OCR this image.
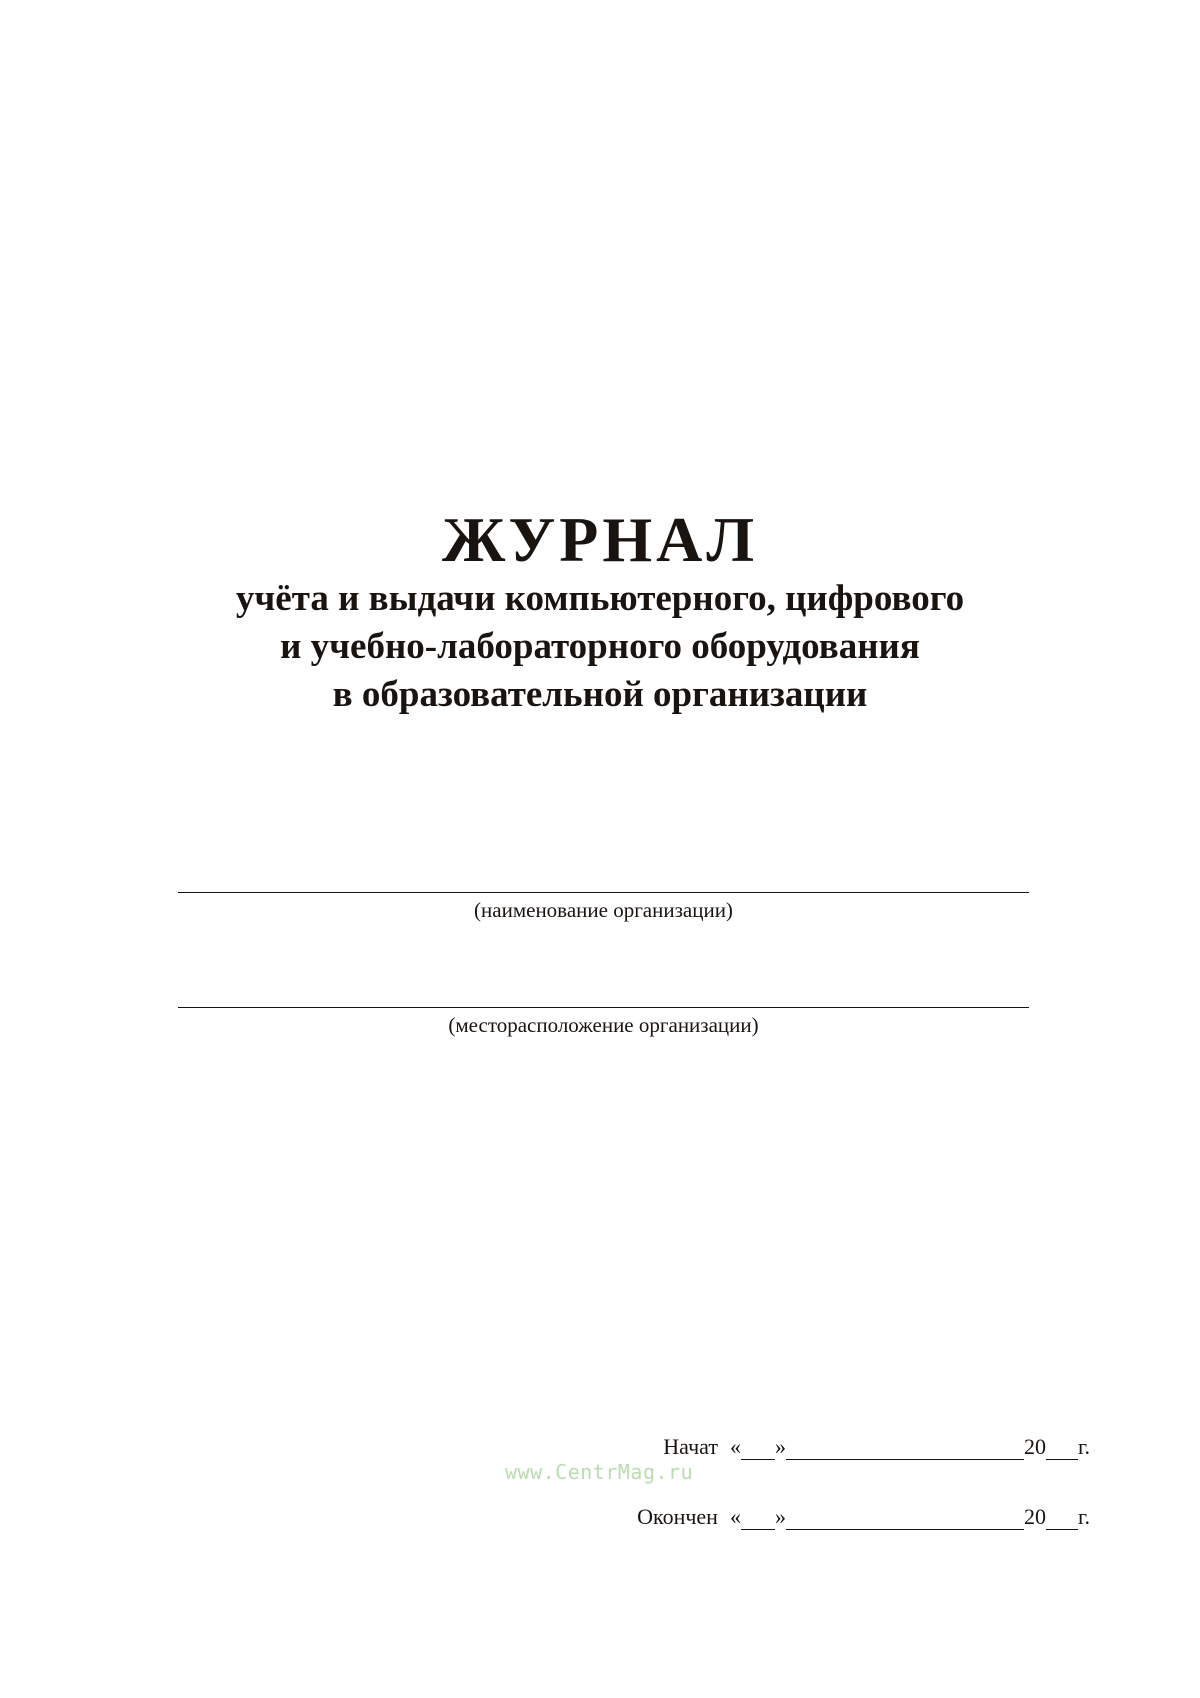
ЖУРНАЛ

учёта и выдачи компьютерного, цифрового

и учебно-лабораторного оборудования

в образовательной организации

(наименование организации)
(месторасположение организации)
Начат « »	20 г.
Окончен « »	20 г.
www.CentrMag.ru
